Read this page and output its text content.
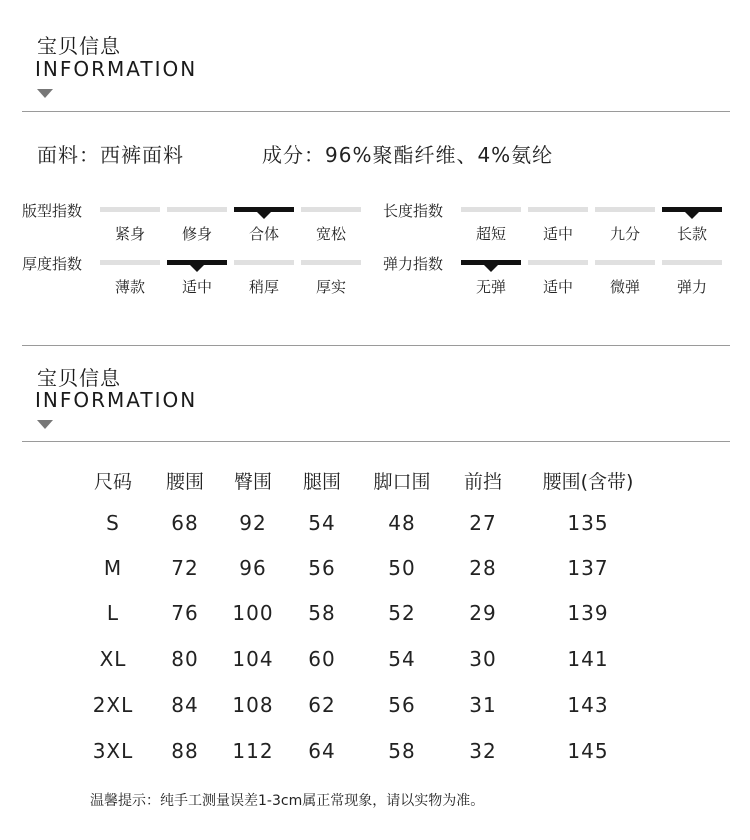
宝贝信息
INFORMATION
面料：西裤面料	成分：96%聚酯纤维、4%氨纶
版型指数
紧身	修身	合体	宽松
长度指数
超短	适中	九分	长款
厚度指数
薄款	适中	稍厚	厚实
弹力指数
无弹	适中	微弹	弹力
宝贝信息
INFORMATION
尺码	腰围	臀围	腿围	脚口围	前挡	腰围(含带)
S	68	92	54	48	27	135
M	72	96	56	50	28	137
L	76	100	58	52	29	139
XL	80	104	60	54	30	141
2XL	84	108	62	56	31	143
3XL	88	112	64	58	32	145
温馨提示：纯手工测量误差1-3cm属正常现象，请以实物为准。
